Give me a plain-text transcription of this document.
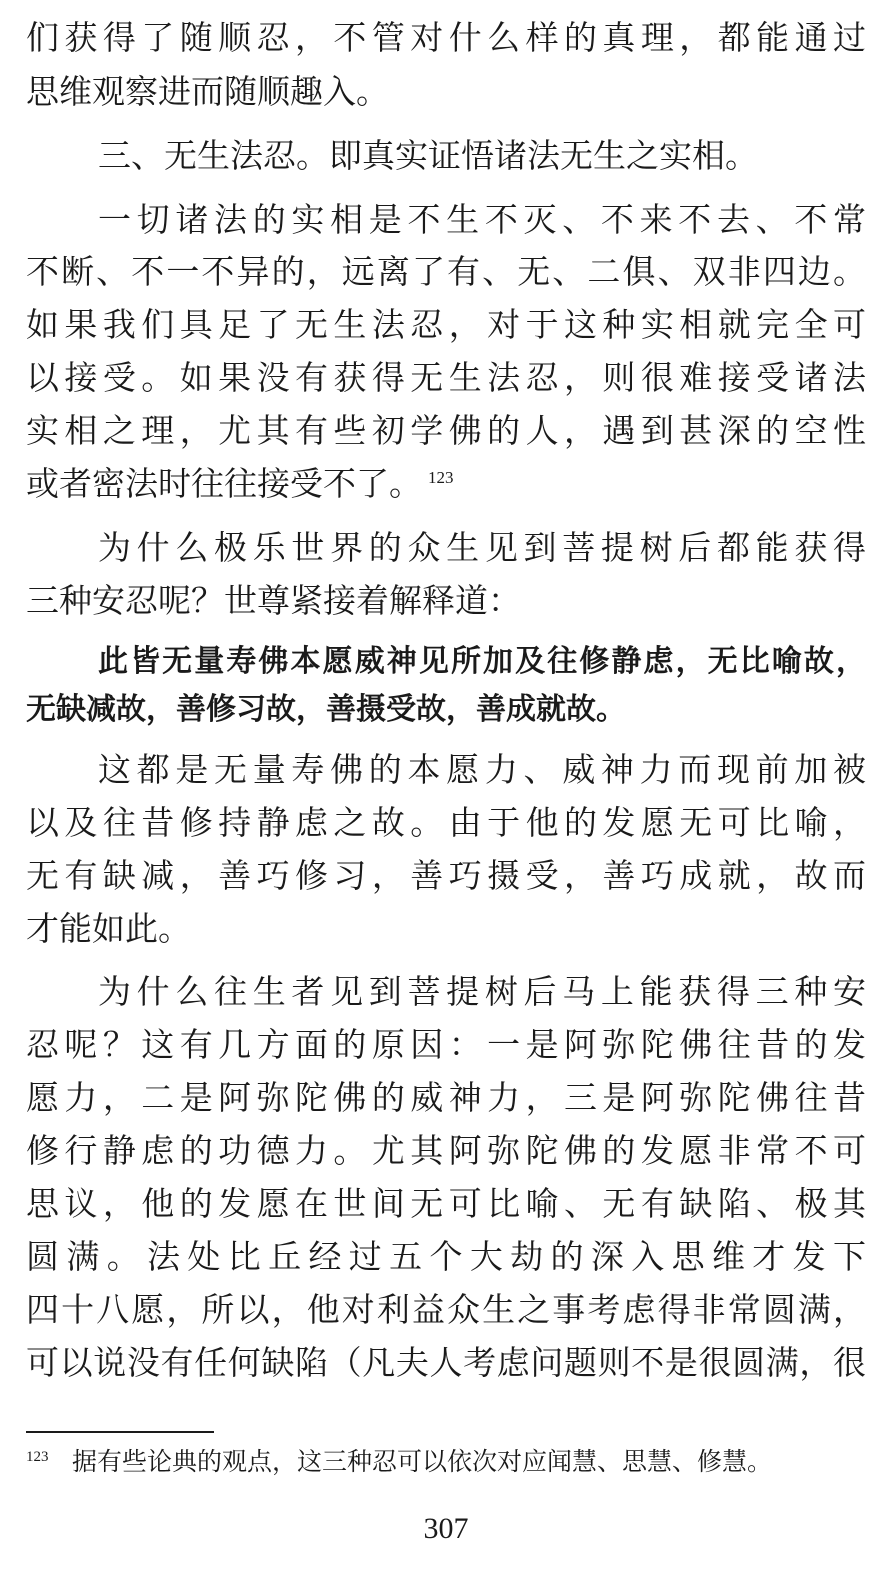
们获得了随顺忍，不管对什么样的真理，都能通过
思维观察进而随顺趣入。
三、无生法忍。即真实证悟诸法无生之实相。
一切诸法的实相是不生不灭、不来不去、不常
不断、不一不异的，远离了有、无、二俱、双非四边。
如果我们具足了无生法忍，对于这种实相就完全可
以接受。如果没有获得无生法忍，则很难接受诸法
实相之理，尤其有些初学佛的人，遇到甚深的空性
或者密法时往往接受不了。 $^{123}$
为什么极乐世界的众生见到菩提树后都能获得
三种安忍呢？世尊紧接着解释道：
此皆无量寿佛本愿威神见所加及往修静虑，无比喻故，
无缺减故，善修习故，善摄受故，善成就故。
这都是无量寿佛的本愿力、威神力而现前加被
以及往昔修持静虑之故。由于他的发愿无可比喻，
无有缺减，善巧修习，善巧摄受，善巧成就，故而
才能如此。
为什么往生者见到菩提树后马上能获得三种安
忍呢？这有几方面的原因：一是阿弥陀佛往昔的发
愿力，二是阿弥陀佛的威神力，三是阿弥陀佛往昔
修行静虑的功德力。尤其阿弥陀佛的发愿非常不可
思议，他的发愿在世间无可比喻、无有缺陷、极其
圆满。法处比丘经过五个大劫的深入思维才发下
四十八愿，所以，他对利益众生之事考虑得非常圆满，
可以说没有任何缺陷（凡夫人考虑问题则不是很圆满，很
123 据有些论典的观点，这三种忍可以依次对应闻慧、思慧、修慧。
307
